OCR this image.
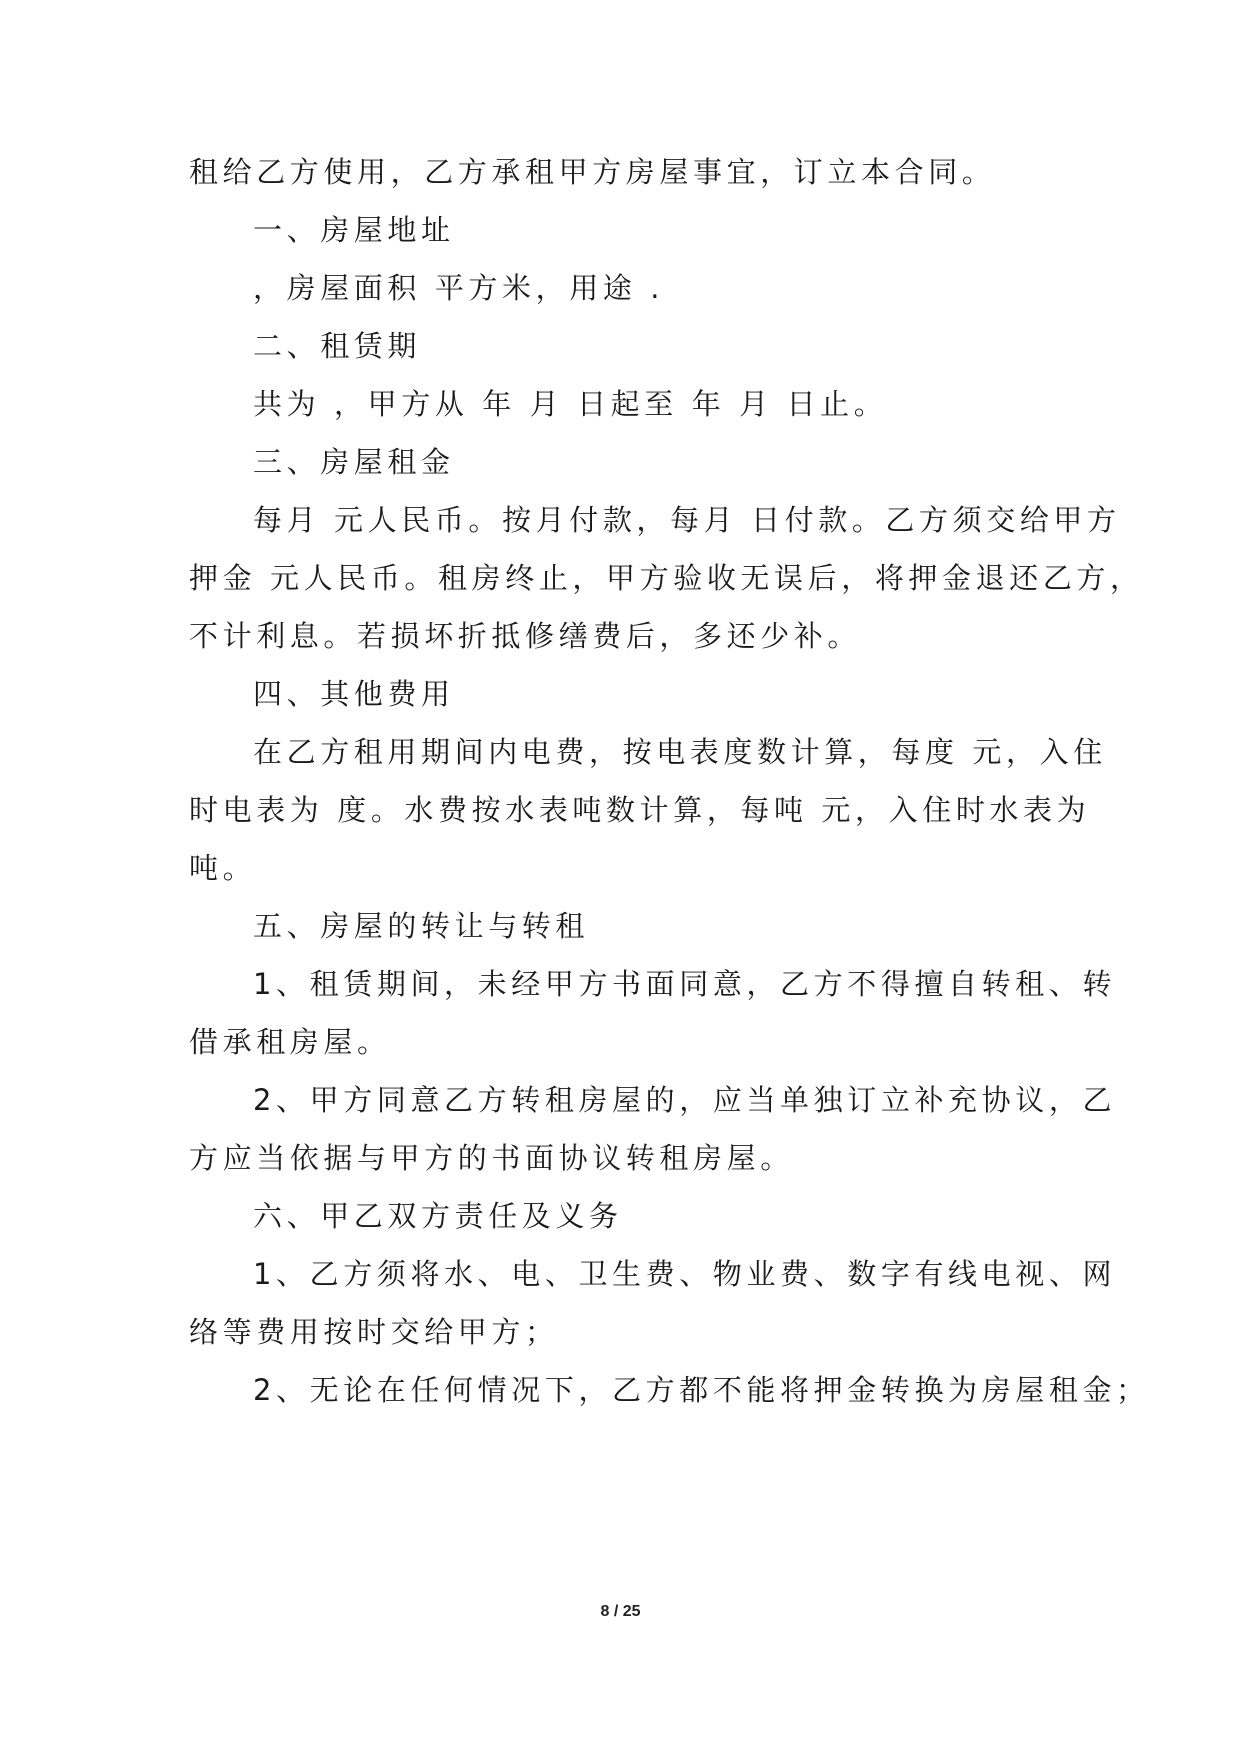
租给乙方使用，乙方承租甲方房屋事宜，订立本合同。
一、房屋地址
，房屋面积 平方米，用途 .
二、租赁期
共为 ，甲方从 年 月 日起至 年 月 日止。
三、房屋租金
每月 元人民币。按月付款，每月 日付款。乙方须交给甲方
押金 元人民币。租房终止，甲方验收无误后，将押金退还乙方，
不计利息。若损坏折抵修缮费后，多还少补。
四、其他费用
在乙方租用期间内电费，按电表度数计算，每度 元，入住
时电表为 度。水费按水表吨数计算，每吨 元，入住时水表为
吨。
五、房屋的转让与转租
1、租赁期间，未经甲方书面同意，乙方不得擅自转租、转
借承租房屋。
2、甲方同意乙方转租房屋的，应当单独订立补充协议，乙
方应当依据与甲方的书面协议转租房屋。
六、甲乙双方责任及义务
1、乙方须将水、电、卫生费、物业费、数字有线电视、网
络等费用按时交给甲方；
2、无论在任何情况下，乙方都不能将押金转换为房屋租金；
8 / 25
